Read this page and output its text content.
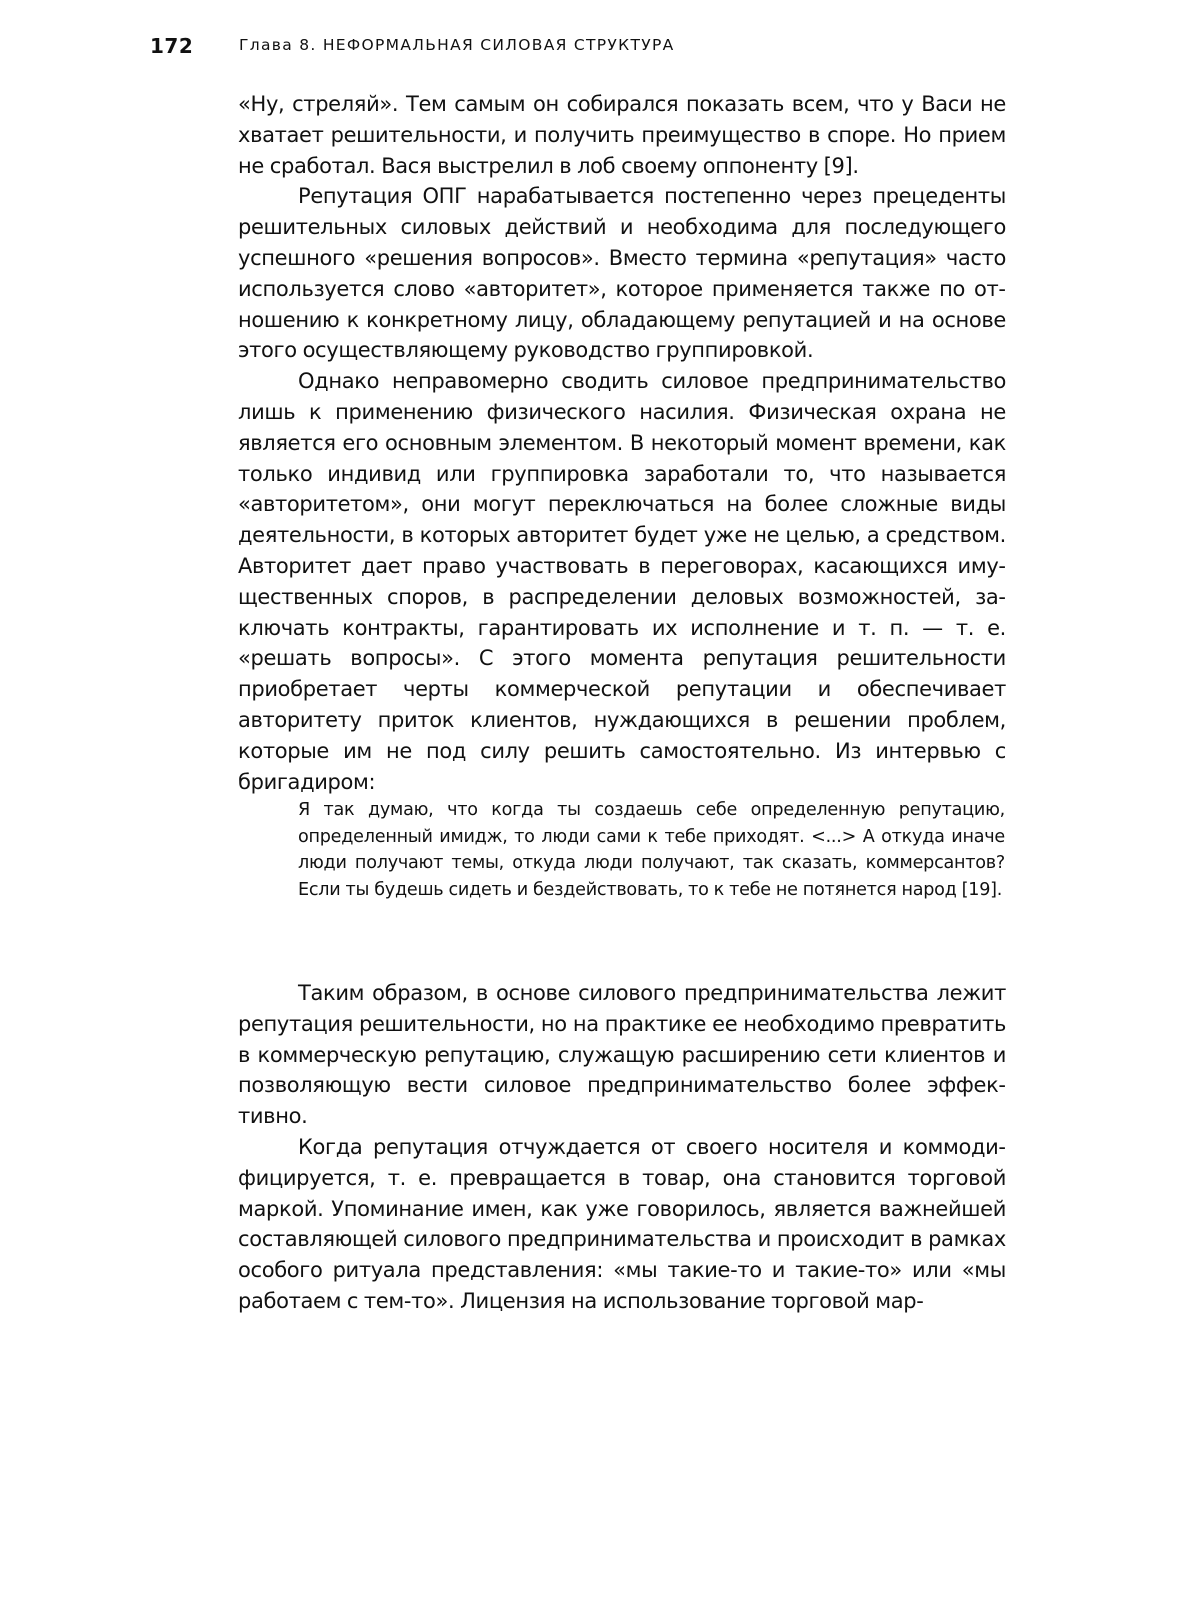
172	Глава 8. НЕФОРМАЛЬНАЯ СИЛОВАЯ СТРУКТУРА

«Ну, стреляй». Тем самым он собирался показать всем, что у Васи не хватает решительности, и получить преимущество в споре. Но прием не сработал. Вася выстрелил в лоб своему оппоненту [9].

Репутация ОПГ нарабатывается постепенно через прецеденты решительных силовых действий и необходима для последующего успешного «решения вопросов». Вместо термина «репутация» часто используется слово «авторитет», которое применяется также по отношению к конкретному лицу, обладающему репутацией и на основе этого осуществляющему руководство группировкой.

Однако неправомерно сводить силовое предпринимательство лишь к применению физического насилия. Физическая охрана не является его основным элементом. В некоторый момент времени, как только индивид или группировка заработали то, что называется «авторитетом», они могут переключаться на более сложные виды деятельности, в которых авторитет будет уже не целью, а средством. Авторитет дает право участвовать в переговорах, касающихся имущественных споров, в распределении деловых возможностей, заключать контракты, гарантировать их исполнение и т. п. — т. е. «решать вопросы». С этого момента репутация решительности приобретает черты коммерческой репутации и обеспечивает авторитету приток клиентов, нуждающихся в решении проблем, которые им не под силу решить самостоятельно. Из интервью с бригадиром:

Я так думаю, что когда ты создаешь себе определенную репутацию, определенный имидж, то люди сами к тебе приходят. <...> А откуда иначе люди получают темы, откуда люди получают, так сказать, коммерсантов? Если ты будешь сидеть и бездействовать, то к тебе не потянется народ [19].

Таким образом, в основе силового предпринимательства лежит репутация решительности, но на практике ее необходимо превратить в коммерческую репутацию, служащую расширению сети клиентов и позволяющую вести силовое предпринимательство более эффективно.

Когда репутация отчуждается от своего носителя и коммодифицируется, т. е. превращается в товар, она становится торговой маркой. Упоминание имен, как уже говорилось, является важнейшей составляющей силового предпринимательства и происходит в рамках особого ритуала представления: «мы такие-то и такие-то» или «мы работаем с тем-то». Лицензия на использование торговой мар-
